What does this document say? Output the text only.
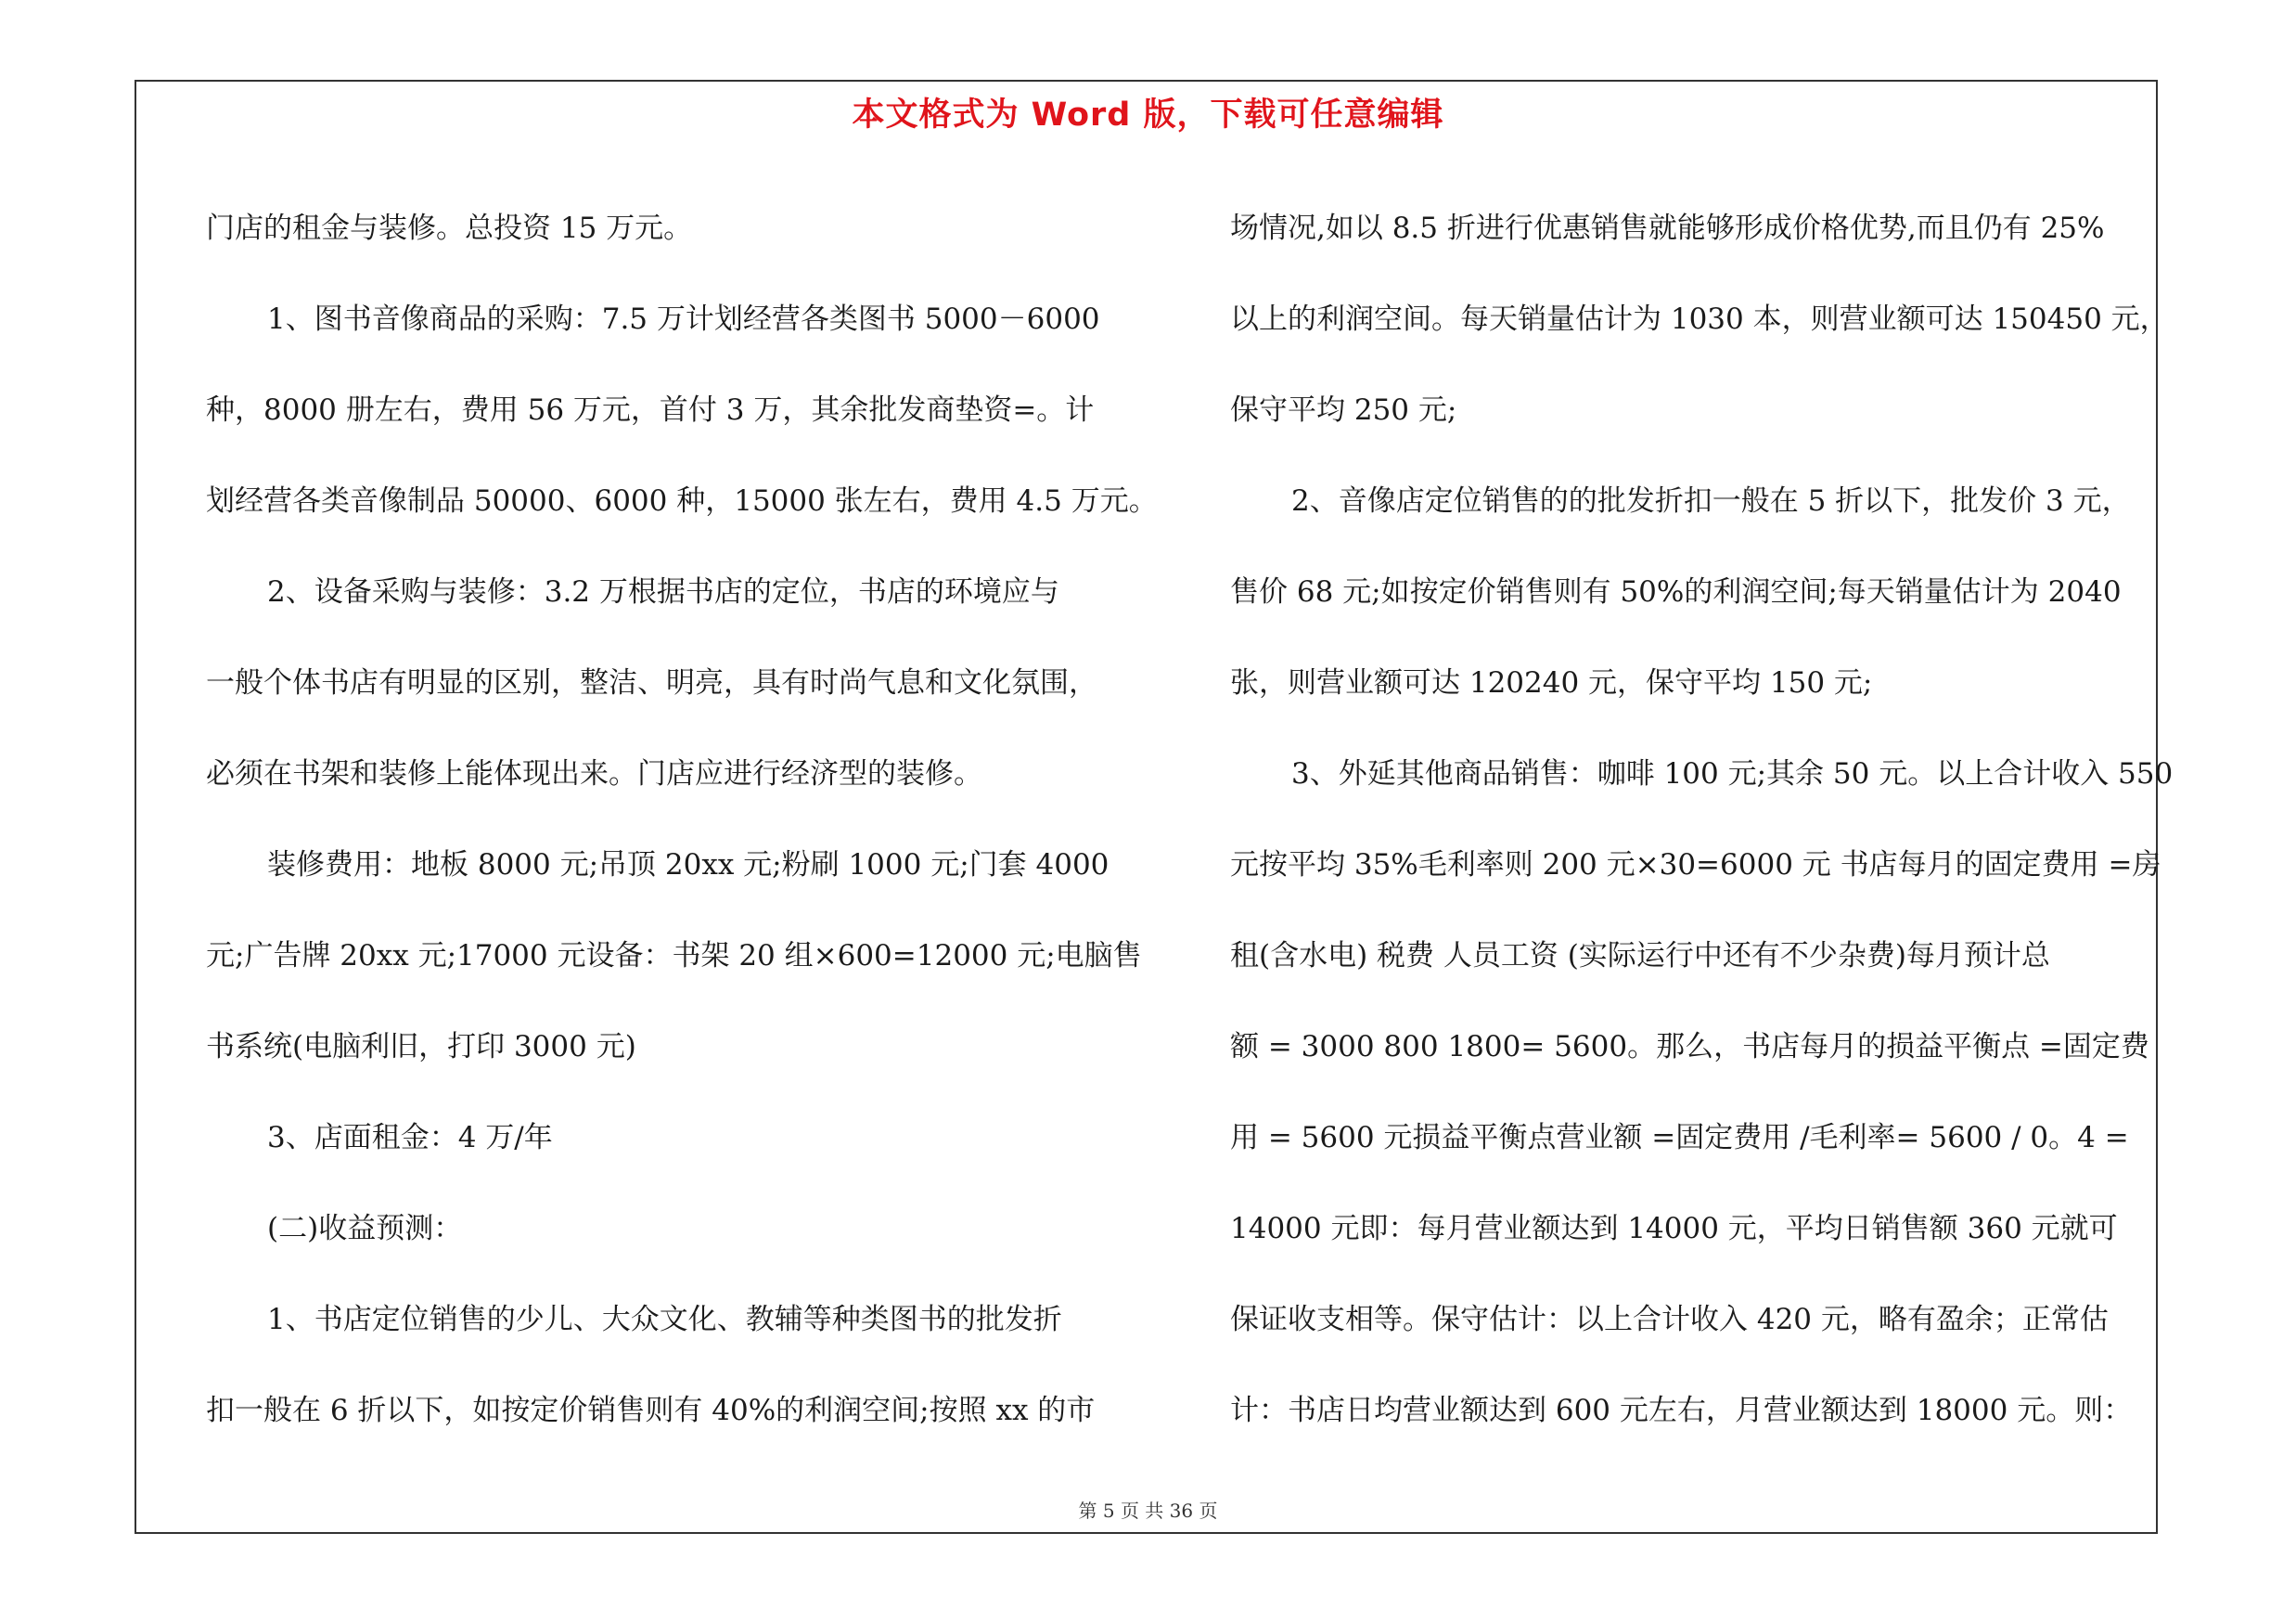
本文格式为 Word 版，下载可任意编辑
门店的租金与装修。总投资 15 万元。
1、图书音像商品的采购：7.5 万计划经营各类图书 5000－6000
种，8000 册左右，费用 56 万元，首付 3 万，其余批发商垫资=。计
划经营各类音像制品 50000、6000 种，15000 张左右，费用 4.5 万元。
2、设备采购与装修：3.2 万根据书店的定位，书店的环境应与
一般个体书店有明显的区别，整洁、明亮，具有时尚气息和文化氛围，
必须在书架和装修上能体现出来。门店应进行经济型的装修。
装修费用：地板 8000 元;吊顶 20xx 元;粉刷 1000 元;门套 4000
元;广告牌 20xx 元;17000 元设备：书架 20 组×600=12000 元;电脑售
书系统(电脑利旧，打印 3000 元)
3、店面租金：4 万/年
(二)收益预测：
1、书店定位销售的少儿、大众文化、教辅等种类图书的批发折
扣一般在 6 折以下，如按定价销售则有 40%的利润空间;按照 xx 的市
场情况,如以 8.5 折进行优惠销售就能够形成价格优势,而且仍有 25%
以上的利润空间。每天销量估计为 1030 本，则营业额可达 150450 元，
保守平均 250 元;
2、音像店定位销售的的批发折扣一般在 5 折以下，批发价 3 元，
售价 68 元;如按定价销售则有 50%的利润空间;每天销量估计为 2040
张，则营业额可达 120240 元，保守平均 150 元;
3、外延其他商品销售：咖啡 100 元;其余 50 元。以上合计收入 550
元按平均 35%毛利率则 200 元×30=6000 元 书店每月的固定费用 =房
租(含水电) 税费 人员工资 (实际运行中还有不少杂费)每月预计总
额 = 3000 800 1800= 5600。那么，书店每月的损益平衡点 =固定费
用 = 5600 元损益平衡点营业额 =固定费用 /毛利率= 5600 / 0。4 =
14000 元即：每月营业额达到 14000 元，平均日销售额 360 元就可
保证收支相等。保守估计：以上合计收入 420 元，略有盈余；正常估
计：书店日均营业额达到 600 元左右，月营业额达到 18000 元。则：
第 5 页 共 36 页
